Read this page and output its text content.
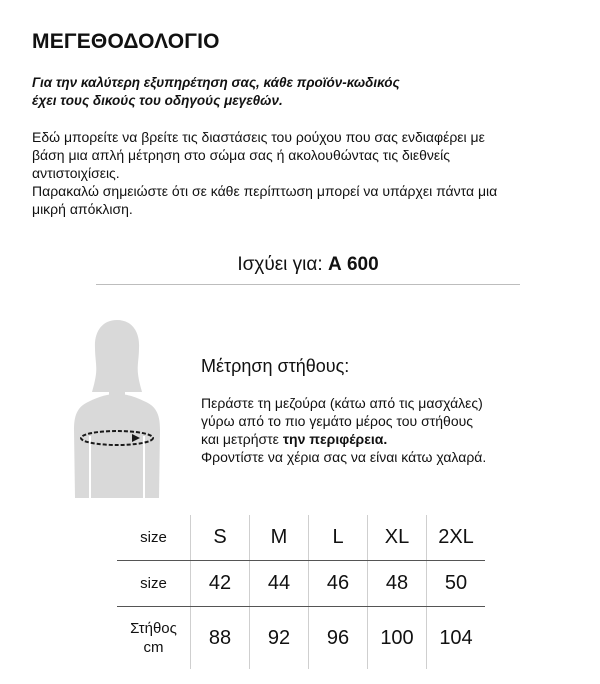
ΜΕΓΕΘΟΔΟΛΟΓΙΟ
Για την καλύτερη εξυπηρέτηση σας, κάθε προϊόν-κωδικός
έχει τους δικούς του οδηγούς μεγεθών.
Εδώ μπορείτε να βρείτε τις διαστάσεις του ρούχου που σας ενδιαφέρει με
βάση μια απλή μέτρηση στο σώμα σας ή ακολουθώντας τις διεθνείς
αντιστοιχίσεις.
Παρακαλώ σημειώστε ότι σε κάθε περίπτωση μπορεί να υπάρχει πάντα μια
μικρή απόκλιση.
Ισχύει για: Α 600
Μέτρηση στήθους:
Περάστε τη μεζούρα (κάτω από τις μασχάλες)
γύρω από το πιο γεμάτο μέρος του στήθους
και μετρήστε την περιφέρεια.
Φροντίστε να χέρια σας να είναι κάτω χαλαρά.
size	S	M	L	XL	2XL

size	42	44	46	48	50

Στήθος
cm	88	92	96	100	104
